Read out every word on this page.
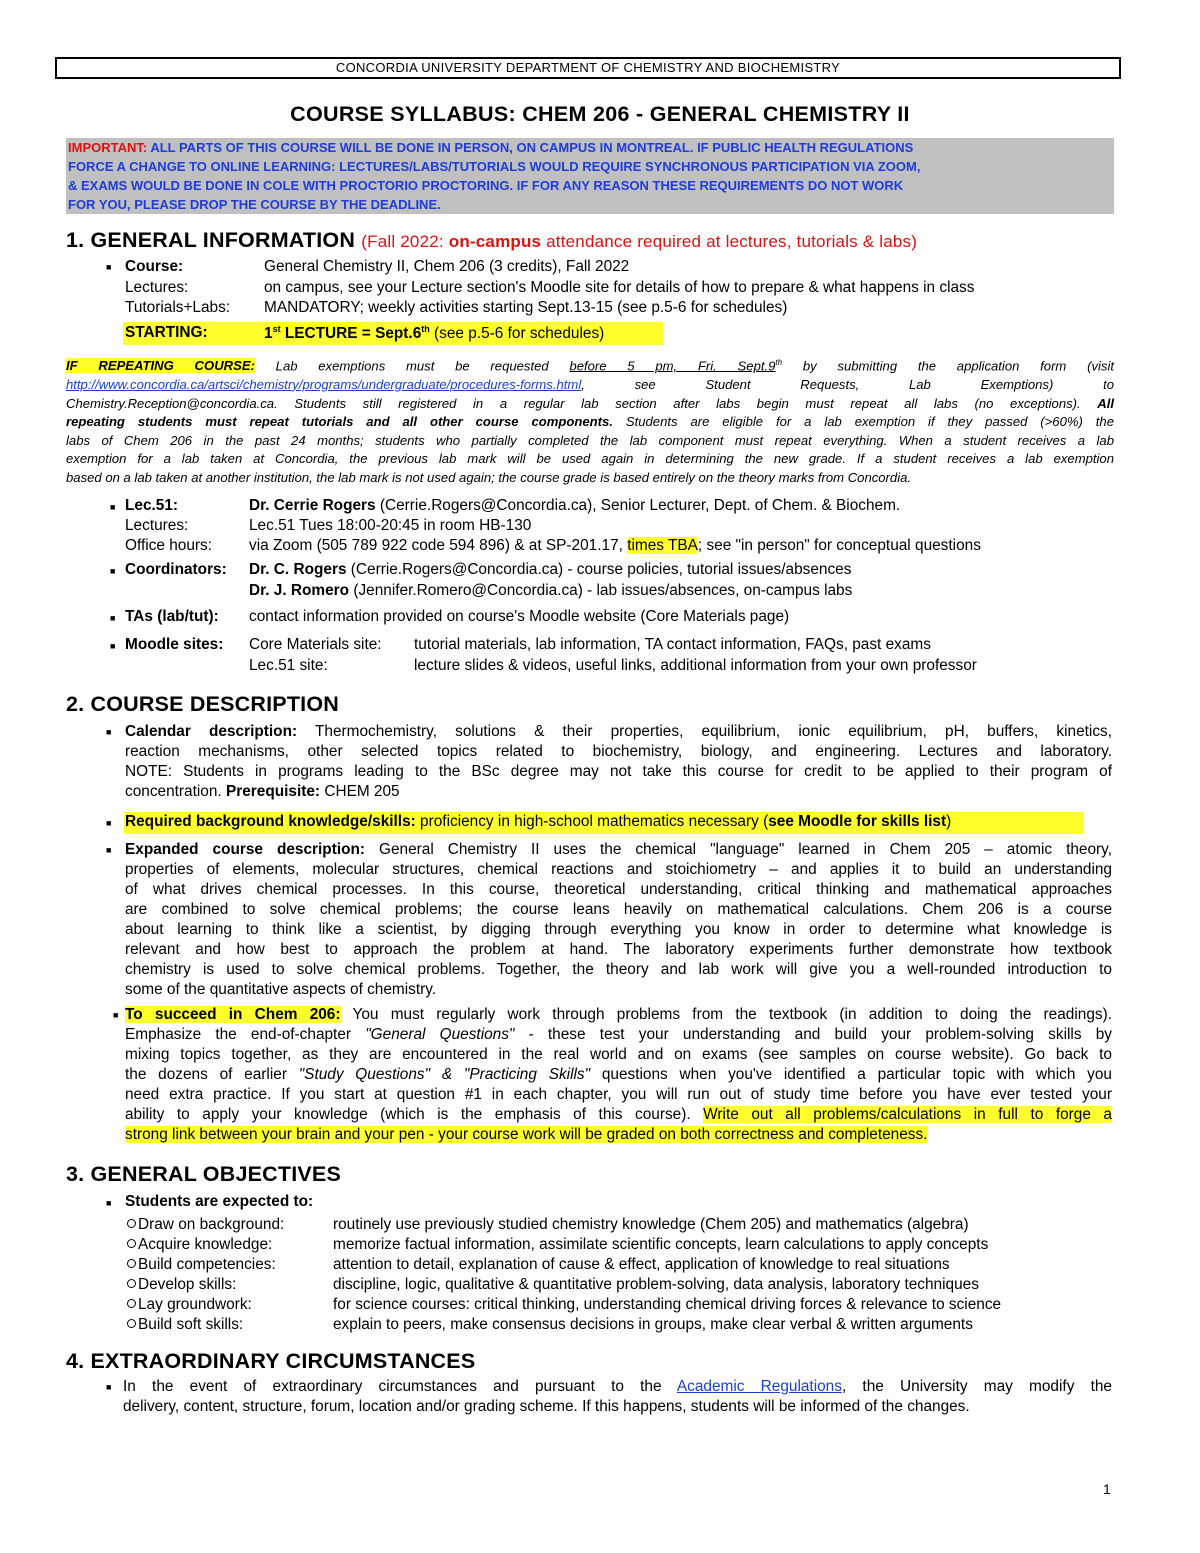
CONCORDIA UNIVERSITY DEPARTMENT OF CHEMISTRY AND BIOCHEMISTRY
COURSE SYLLABUS: CHEM 206 - GENERAL CHEMISTRY II
IMPORTANT: ALL PARTS OF THIS COURSE WILL BE DONE IN PERSON, ON CAMPUS IN MONTREAL. IF PUBLIC HEALTH REGULATIONS
FORCE A CHANGE TO ONLINE LEARNING: LECTURES/LABS/TUTORIALS WOULD REQUIRE SYNCHRONOUS PARTICIPATION VIA ZOOM,
& EXAMS WOULD BE DONE IN COLE WITH PROCTORIO PROCTORING. IF FOR ANY REASON THESE REQUIREMENTS DO NOT WORK
FOR YOU, PLEASE DROP THE COURSE BY THE DEADLINE.
1. GENERAL INFORMATION (Fall 2022: on-campus attendance required at lectures, tutorials & labs)
■ Course:	General Chemistry II, Chem 206 (3 credits), Fall 2022
Lectures:	on campus, see your Lecture section's Moodle site for details of how to prepare & what happens in class
Tutorials+Labs: MANDATORY; weekly activities starting Sept.13-15 (see p.5-6 for schedules)
STARTING:	1st LECTURE = Sept.6th (see p.5-6 for schedules)
IF REPEATING COURSE: Lab exemptions must be requested before 5 pm, Fri. Sept.9th by submitting the application form (visit
http://www.concordia.ca/artsci/chemistry/programs/undergraduate/procedures-forms.html, see Student Requests, Lab Exemptions) to
Chemistry.Reception@concordia.ca. Students still registered in a regular lab section after labs begin must repeat all labs (no exceptions). All
repeating students must repeat tutorials and all other course components. Students are eligible for a lab exemption if they passed (>60%) the
labs of Chem 206 in the past 24 months; students who partially completed the lab component must repeat everything. When a student receives a lab
exemption for a lab taken at Concordia, the previous lab mark will be used again in determining the new grade. If a student receives a lab exemption
based on a lab taken at another institution, the lab mark is not used again; the course grade is based entirely on the theory marks from Concordia.
■ Lec.51:	Dr. Cerrie Rogers (Cerrie.Rogers@Concordia.ca), Senior Lecturer, Dept. of Chem. & Biochem.
Lectures:	Lec.51 Tues 18:00-20:45 in room HB-130
Office hours: via Zoom (505 789 922 code 594 896) & at SP-201.17, times TBA; see "in person" for conceptual questions
■ Coordinators: Dr. C. Rogers (Cerrie.Rogers@Concordia.ca) - course policies, tutorial issues/absences
Dr. J. Romero (Jennifer.Romero@Concordia.ca) - lab issues/absences, on-campus labs
■ TAs (lab/tut): contact information provided on course's Moodle website (Core Materials page)
■ Moodle sites: Core Materials site: tutorial materials, lab information, TA contact information, FAQs, past exams
Lec.51 site:	lecture slides & videos, useful links, additional information from your own professor
2. COURSE DESCRIPTION
■ Calendar description: Thermochemistry, solutions & their properties, equilibrium, ionic equilibrium, pH, buffers, kinetics,
reaction mechanisms, other selected topics related to biochemistry, biology, and engineering. Lectures and laboratory.
NOTE: Students in programs leading to the BSc degree may not take this course for credit to be applied to their program of
concentration. Prerequisite: CHEM 205
■ Required background knowledge/skills: proficiency in high-school mathematics necessary (see Moodle for skills list)
■ Expanded course description: General Chemistry II uses the chemical "language" learned in Chem 205 – atomic theory,
properties of elements, molecular structures, chemical reactions and stoichiometry – and applies it to build an understanding
of what drives chemical processes. In this course, theoretical understanding, critical thinking and mathematical approaches
are combined to solve chemical problems; the course leans heavily on mathematical calculations. Chem 206 is a course
about learning to think like a scientist, by digging through everything you know in order to determine what knowledge is
relevant and how best to approach the problem at hand. The laboratory experiments further demonstrate how textbook
chemistry is used to solve chemical problems. Together, the theory and lab work will give you a well-rounded introduction to
some of the quantitative aspects of chemistry.
■ To succeed in Chem 206: You must regularly work through problems from the textbook (in addition to doing the readings).
Emphasize the end-of-chapter "General Questions" - these test your understanding and build your problem-solving skills by
mixing topics together, as they are encountered in the real world and on exams (see samples on course website). Go back to
the dozens of earlier "Study Questions" & "Practicing Skills" questions when you've identified a particular topic with which you
need extra practice. If you start at question #1 in each chapter, you will run out of study time before you have ever tested your
ability to apply your knowledge (which is the emphasis of this course). Write out all problems/calculations in full to forge a
strong link between your brain and your pen - your course work will be graded on both correctness and completeness.
3. GENERAL OBJECTIVES
■ Students are expected to:
Draw on background:	routinely use previously studied chemistry knowledge (Chem 205) and mathematics (algebra)
Acquire knowledge:	memorize factual information, assimilate scientific concepts, learn calculations to apply concepts
Build competencies:	attention to detail, explanation of cause & effect, application of knowledge to real situations
Develop skills:	discipline, logic, qualitative & quantitative problem-solving, data analysis, laboratory techniques
Lay groundwork:	for science courses: critical thinking, understanding chemical driving forces & relevance to science
Build soft skills:	explain to peers, make consensus decisions in groups, make clear verbal & written arguments
4. EXTRAORDINARY CIRCUMSTANCES
■ In the event of extraordinary circumstances and pursuant to the Academic Regulations, the University may modify the
delivery, content, structure, forum, location and/or grading scheme. If this happens, students will be informed of the changes.
1
